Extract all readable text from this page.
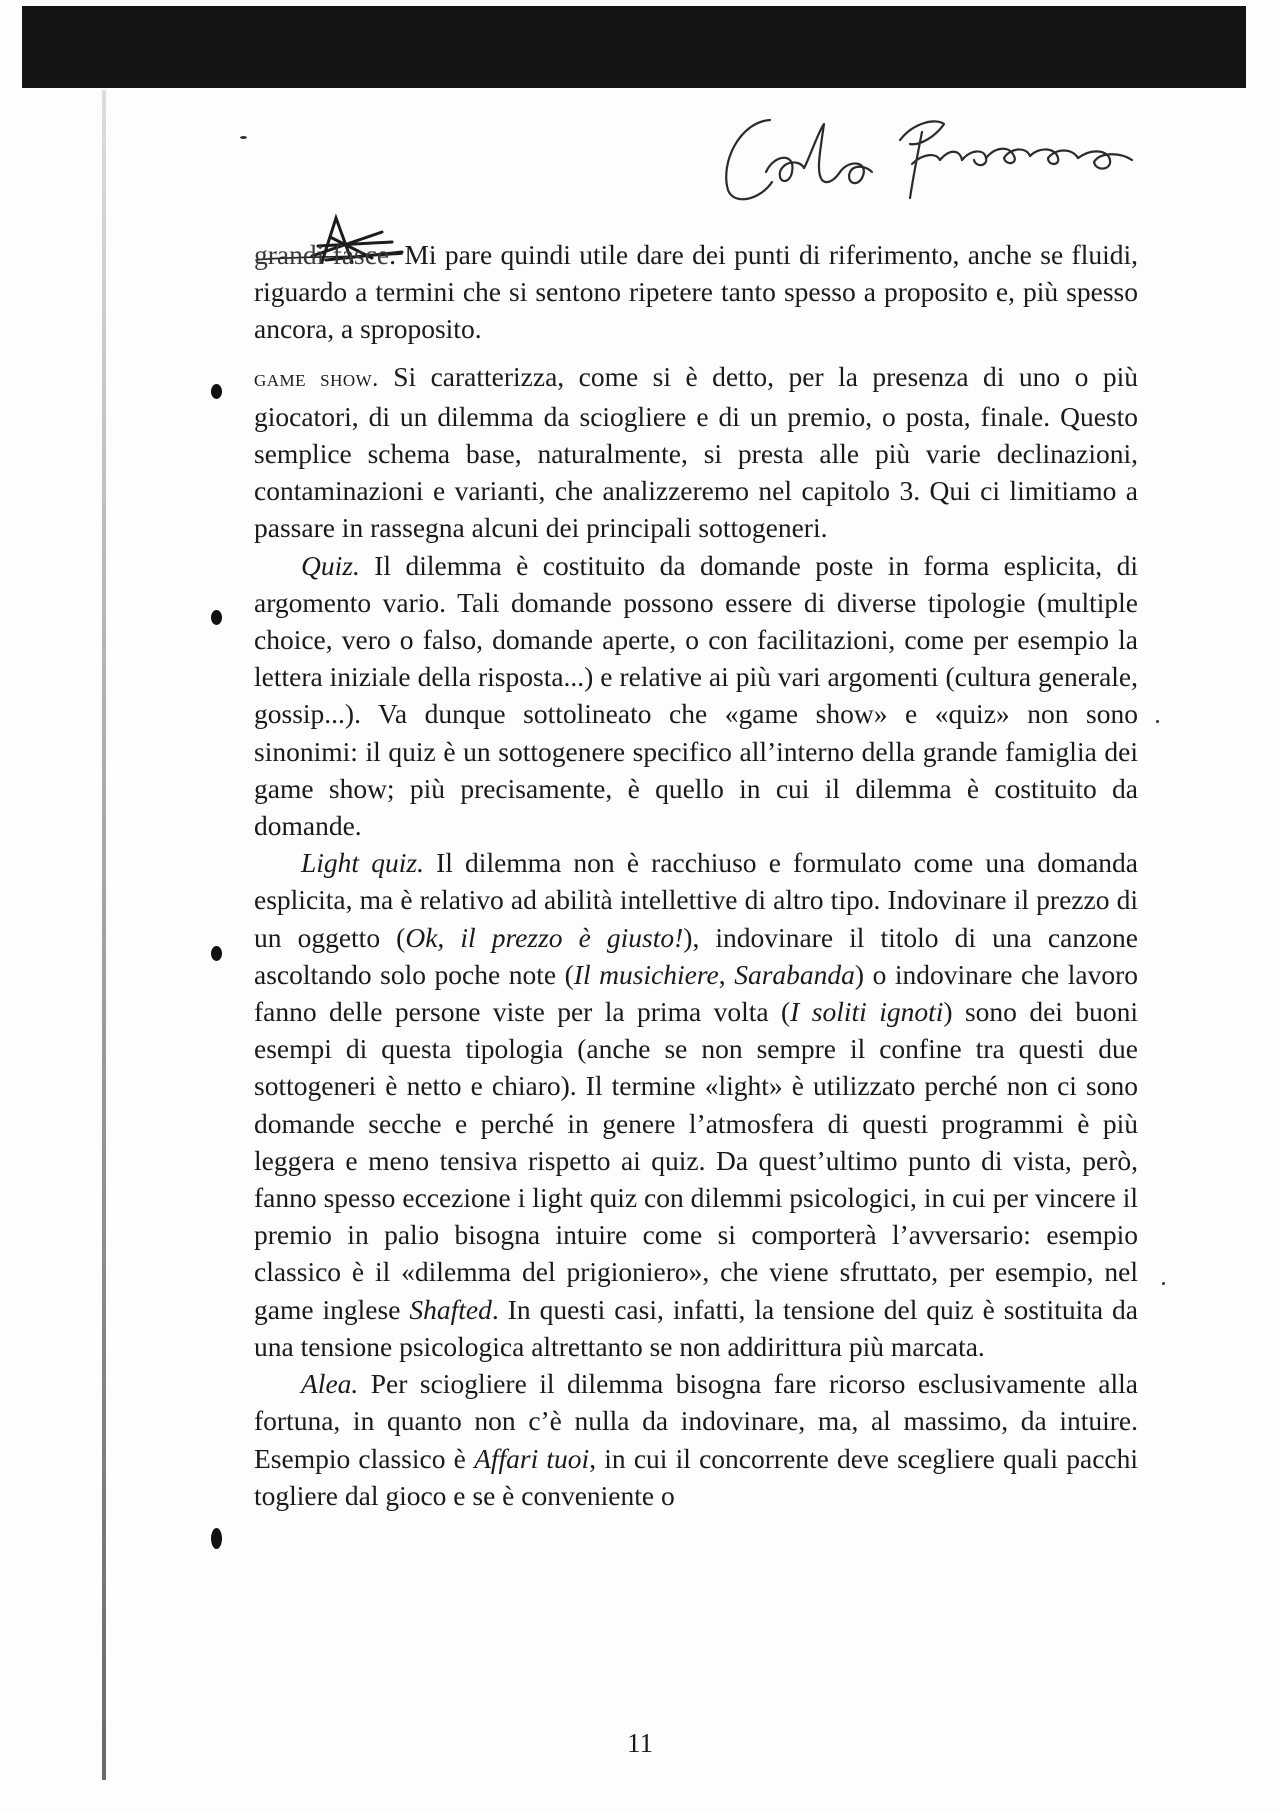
grandi fasce. Mi pare quindi utile dare dei punti di riferimento, anche se fluidi, riguardo a termini che si sentono ripetere tanto spesso a proposito e, più spesso ancora, a sproposito.

game show. Si caratterizza, come si è detto, per la presenza di uno o più giocatori, di un dilemma da sciogliere e di un premio, o posta, finale. Questo semplice schema base, naturalmente, si presta alle più varie declinazioni, contaminazioni e varianti, che analizzeremo nel capitolo 3. Qui ci limitiamo a passare in rassegna alcuni dei principali sottogeneri.

Quiz. Il dilemma è costituito da domande poste in forma esplicita, di argomento vario. Tali domande possono essere di diverse tipologie (multiple choice, vero o falso, domande aperte, o con facilitazioni, come per esempio la lettera iniziale della risposta...) e relative ai più vari argomenti (cultura generale, gossip...). Va dunque sottolineato che «game show» e «quiz» non sono sinonimi: il quiz è un sottogenere specifico all’interno della grande famiglia dei game show; più precisamente, è quello in cui il dilemma è costituito da domande.

Light quiz. Il dilemma non è racchiuso e formulato come una domanda esplicita, ma è relativo ad abilità intellettive di altro tipo. Indovinare il prezzo di un oggetto (Ok, il prezzo è giusto!), indovinare il titolo di una canzone ascoltando solo poche note (Il musichiere, Sarabanda) o indovinare che lavoro fanno delle persone viste per la prima volta (I soliti ignoti) sono dei buoni esempi di questa tipologia (anche se non sempre il confine tra questi due sottogeneri è netto e chiaro). Il termine «light» è utilizzato perché non ci sono domande secche e perché in genere l’atmosfera di questi programmi è più leggera e meno tensiva rispetto ai quiz. Da quest’ultimo punto di vista, però, fanno spesso eccezione i light quiz con dilemmi psicologici, in cui per vincere il premio in palio bisogna intuire come si comporterà l’avversario: esempio classico è il «dilemma del prigioniero», che viene sfruttato, per esempio, nel game inglese Shafted. In questi casi, infatti, la tensione del quiz è sostituita da una tensione psicologica altrettanto se non addirittura più marcata.

Alea. Per sciogliere il dilemma bisogna fare ricorso esclusivamente alla fortuna, in quanto non c’è nulla da indovinare, ma, al massimo, da intuire. Esempio classico è Affari tuoi, in cui il concorrente deve scegliere quali pacchi togliere dal gioco e se è conveniente o

11
